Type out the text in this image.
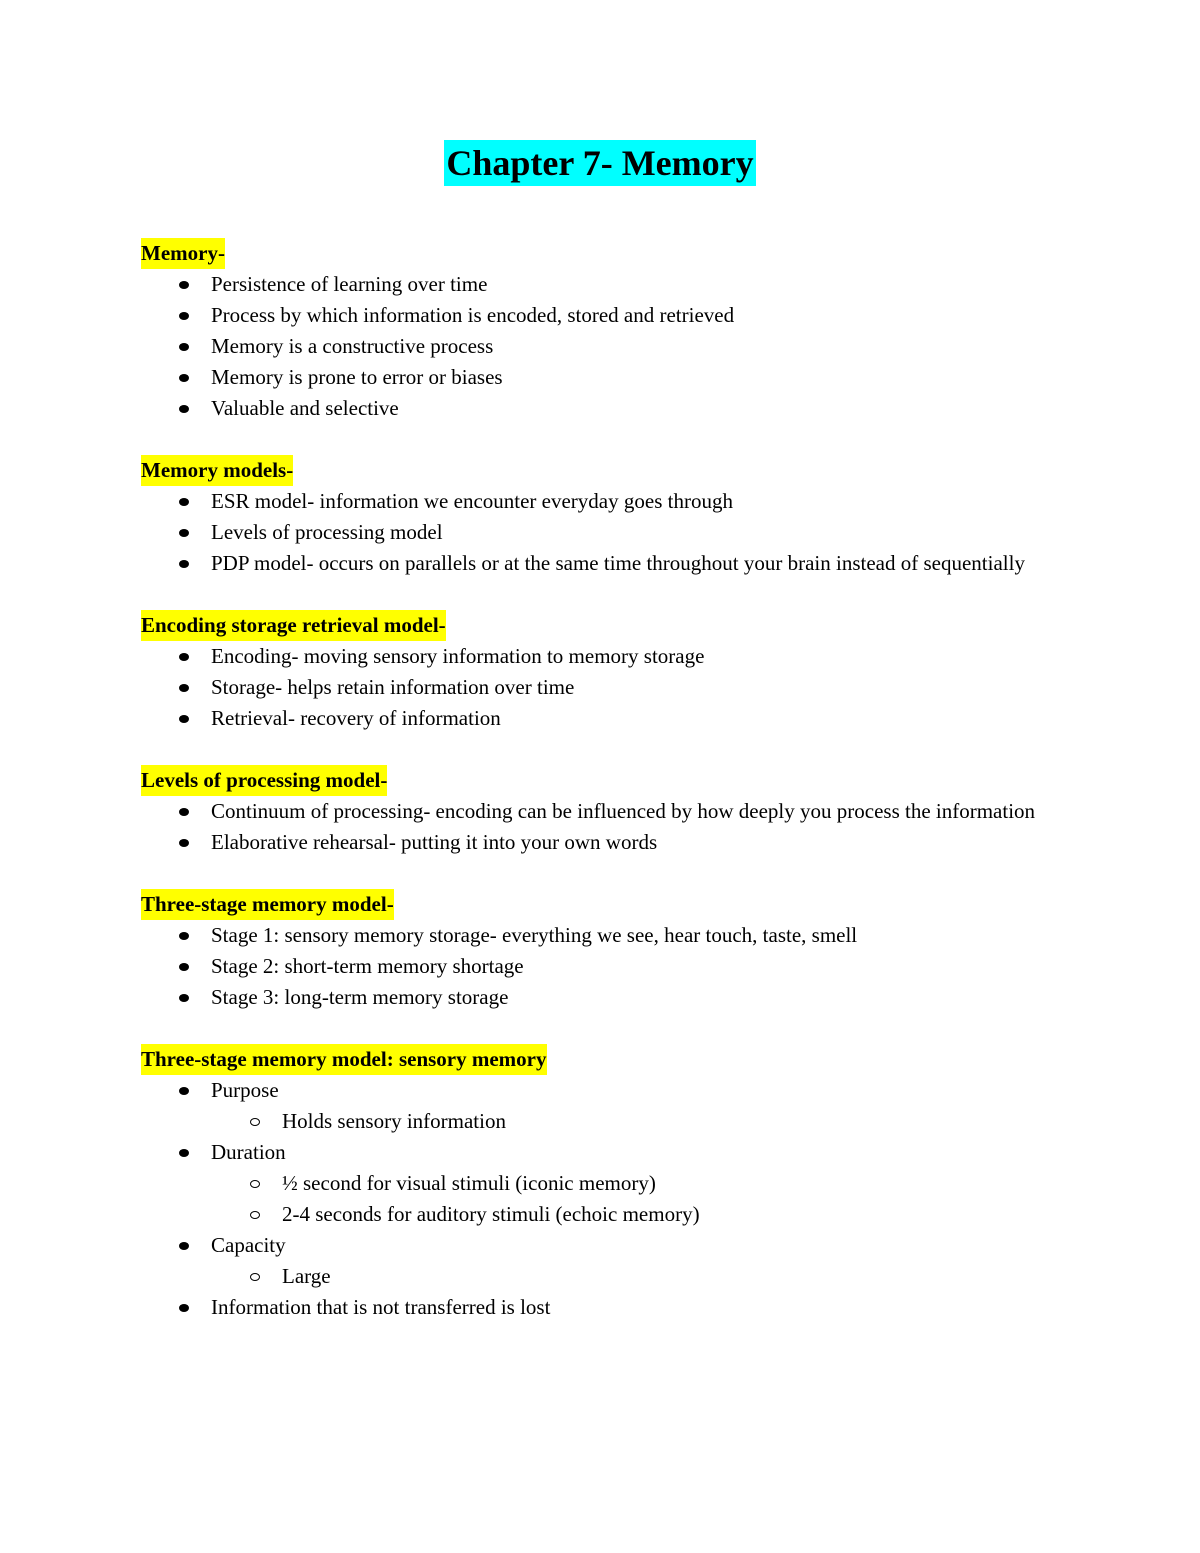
Chapter 7- Memory
Memory-
Persistence of learning over time
Process by which information is encoded, stored and retrieved
Memory is a constructive process
Memory is prone to error or biases
Valuable and selective
Memory models-
ESR model- information we encounter everyday goes through
Levels of processing model
PDP model- occurs on parallels or at the same time throughout your brain instead of sequentially
Encoding storage retrieval model-
Encoding- moving sensory information to memory storage
Storage- helps retain information over time
Retrieval- recovery of information
Levels of processing model-
Continuum of processing- encoding can be influenced by how deeply you process the information
Elaborative rehearsal- putting it into your own words
Three-stage memory model-
Stage 1: sensory memory storage- everything we see, hear touch, taste, smell
Stage 2: short-term memory shortage
Stage 3: long-term memory storage
Three-stage memory model: sensory memory
Purpose
Holds sensory information
Duration
½ second for visual stimuli (iconic memory)
2-4 seconds for auditory stimuli (echoic memory)
Capacity
Large
Information that is not transferred is lost
